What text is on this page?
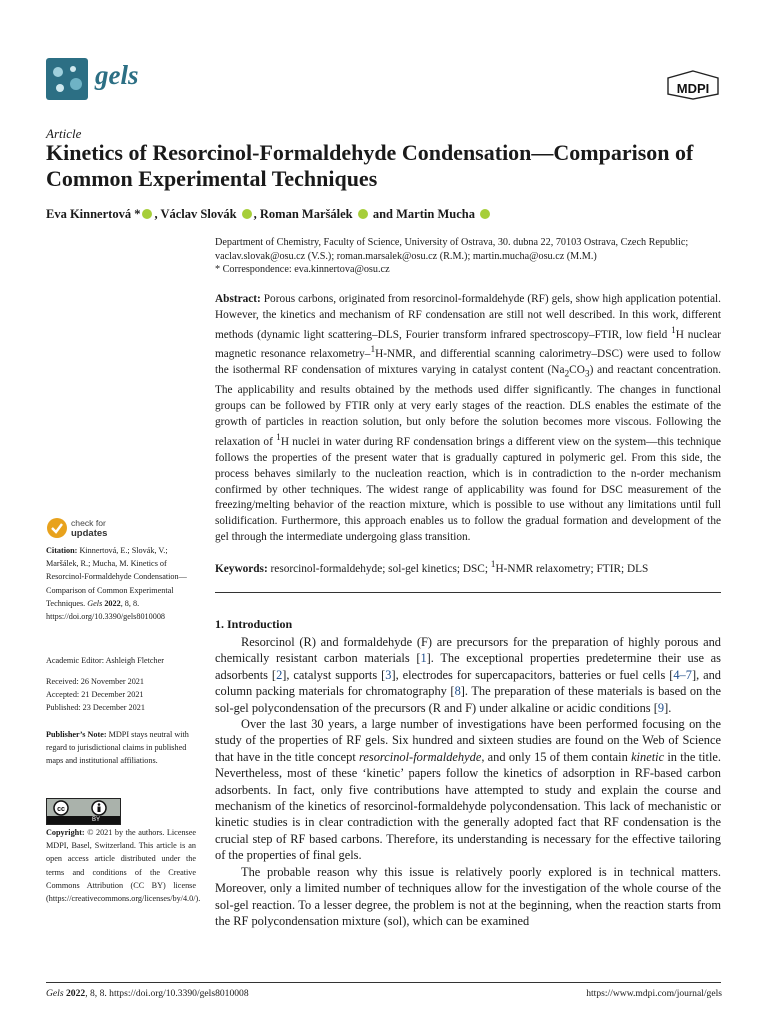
gels	MDPI
Article
Kinetics of Resorcinol-Formaldehyde Condensation—Comparison of Common Experimental Techniques
Eva Kinnertová * , Václav Slovák , Roman Maršálek  and Martin Mucha
Department of Chemistry, Faculty of Science, University of Ostrava, 30. dubna 22, 70103 Ostrava, Czech Republic;
vaclav.slovak@osu.cz (V.S.); roman.marsalek@osu.cz (R.M.); martin.mucha@osu.cz (M.M.)
* Correspondence: eva.kinnertova@osu.cz
Abstract: Porous carbons, originated from resorcinol-formaldehyde (RF) gels, show high application potential. However, the kinetics and mechanism of RF condensation are still not well described. In this work, different methods (dynamic light scattering–DLS, Fourier transform infrared spectroscopy–FTIR, low field $^1$H nuclear magnetic resonance relaxometry–$^1$H-NMR, and differential scanning calorimetry–DSC) were used to follow the isothermal RF condensation of mixtures varying in catalyst content $(Na_2CO_3)$ and reactant concentration. The applicability and results obtained by the methods used differ significantly. The changes in functional groups can be followed by FTIR only at very early stages of the reaction. DLS enables the estimate of the growth of particles in reaction solution, but only before the solution becomes more viscous. Following the relaxation of $^1$H nuclei in water during RF condensation brings a different view on the system—this technique follows the properties of the present water that is gradually captured in polymeric gel. From this side, the process behaves similarly to the nucleation reaction, which is in contradiction to the n-order mechanism confirmed by other techniques. The widest range of applicability was found for DSC measurement of the freezing/melting behavior of the reaction mixture, which is possible to use without any limitations until full solidification. Furthermore, this approach enables us to follow the gradual formation and development of the gel through the intermediate undergoing glass transition.
Keywords: resorcinol-formaldehyde; sol-gel kinetics; DSC; $^1$H-NMR relaxometry; FTIR; DLS
1. Introduction

Resorcinol (R) and formaldehyde (F) are precursors for the preparation of highly porous and chemically resistant carbon materials [1]. The exceptional properties predetermine their use as adsorbents [2], catalyst supports [3], electrodes for supercapacitors, batteries or fuel cells [4–7], and column packing materials for chromatography [8]. The preparation of these materials is based on the sol-gel polycondensation of the precursors (R and F) under alkaline or acidic conditions [9].

Over the last 30 years, a large number of investigations have been performed focusing on the study of the properties of RF gels. Six hundred and sixteen studies are found on the Web of Science that have in the title concept resorcinol-formaldehyde, and only 15 of them contain kinetic in the title. Nevertheless, most of these ‘kinetic’ papers follow the kinetics of adsorption in RF-based carbon adsorbents. In fact, only five contributions have attempted to study and explain the course and mechanism of the kinetics of resorcinol-formaldehyde polycondensation. This lack of mechanistic or kinetic studies is in clear contradiction with the generally adopted fact that RF condensation is the crucial step of RF based carbons. Therefore, its understanding is necessary for the effective tailoring of the properties of final gels.

The probable reason why this issue is relatively poorly explored is in technical matters. Moreover, only a limited number of techniques allow for the investigation of the whole course of the sol-gel reaction. To a lesser degree, the problem is not at the beginning, when the reaction starts from the RF polycondensation mixture (sol), which can be examined

check for
updates
Citation: Kinnertová, E.; Slovák, V.; Maršálek, R.; Mucha, M. Kinetics of Resorcinol-Formaldehyde Condensation—Comparison of Common Experimental Techniques. Gels 2022, 8, 8. https://doi.org/10.3390/gels8010008
Academic Editor: Ashleigh Fletcher
Received: 26 November 2021
Accepted: 21 December 2021
Published: 23 December 2021
Publisher’s Note: MDPI stays neutral with regard to jurisdictional claims in published maps and institutional affiliations.
cc
BY
Copyright: © 2021 by the authors. Licensee MDPI, Basel, Switzerland. This article is an open access article distributed under the terms and conditions of the Creative Commons Attribution (CC BY) license (https://creativecommons.org/licenses/by/4.0/).
Gels 2022, 8, 8. https://doi.org/10.3390/gels8010008	https://www.mdpi.com/journal/gels
